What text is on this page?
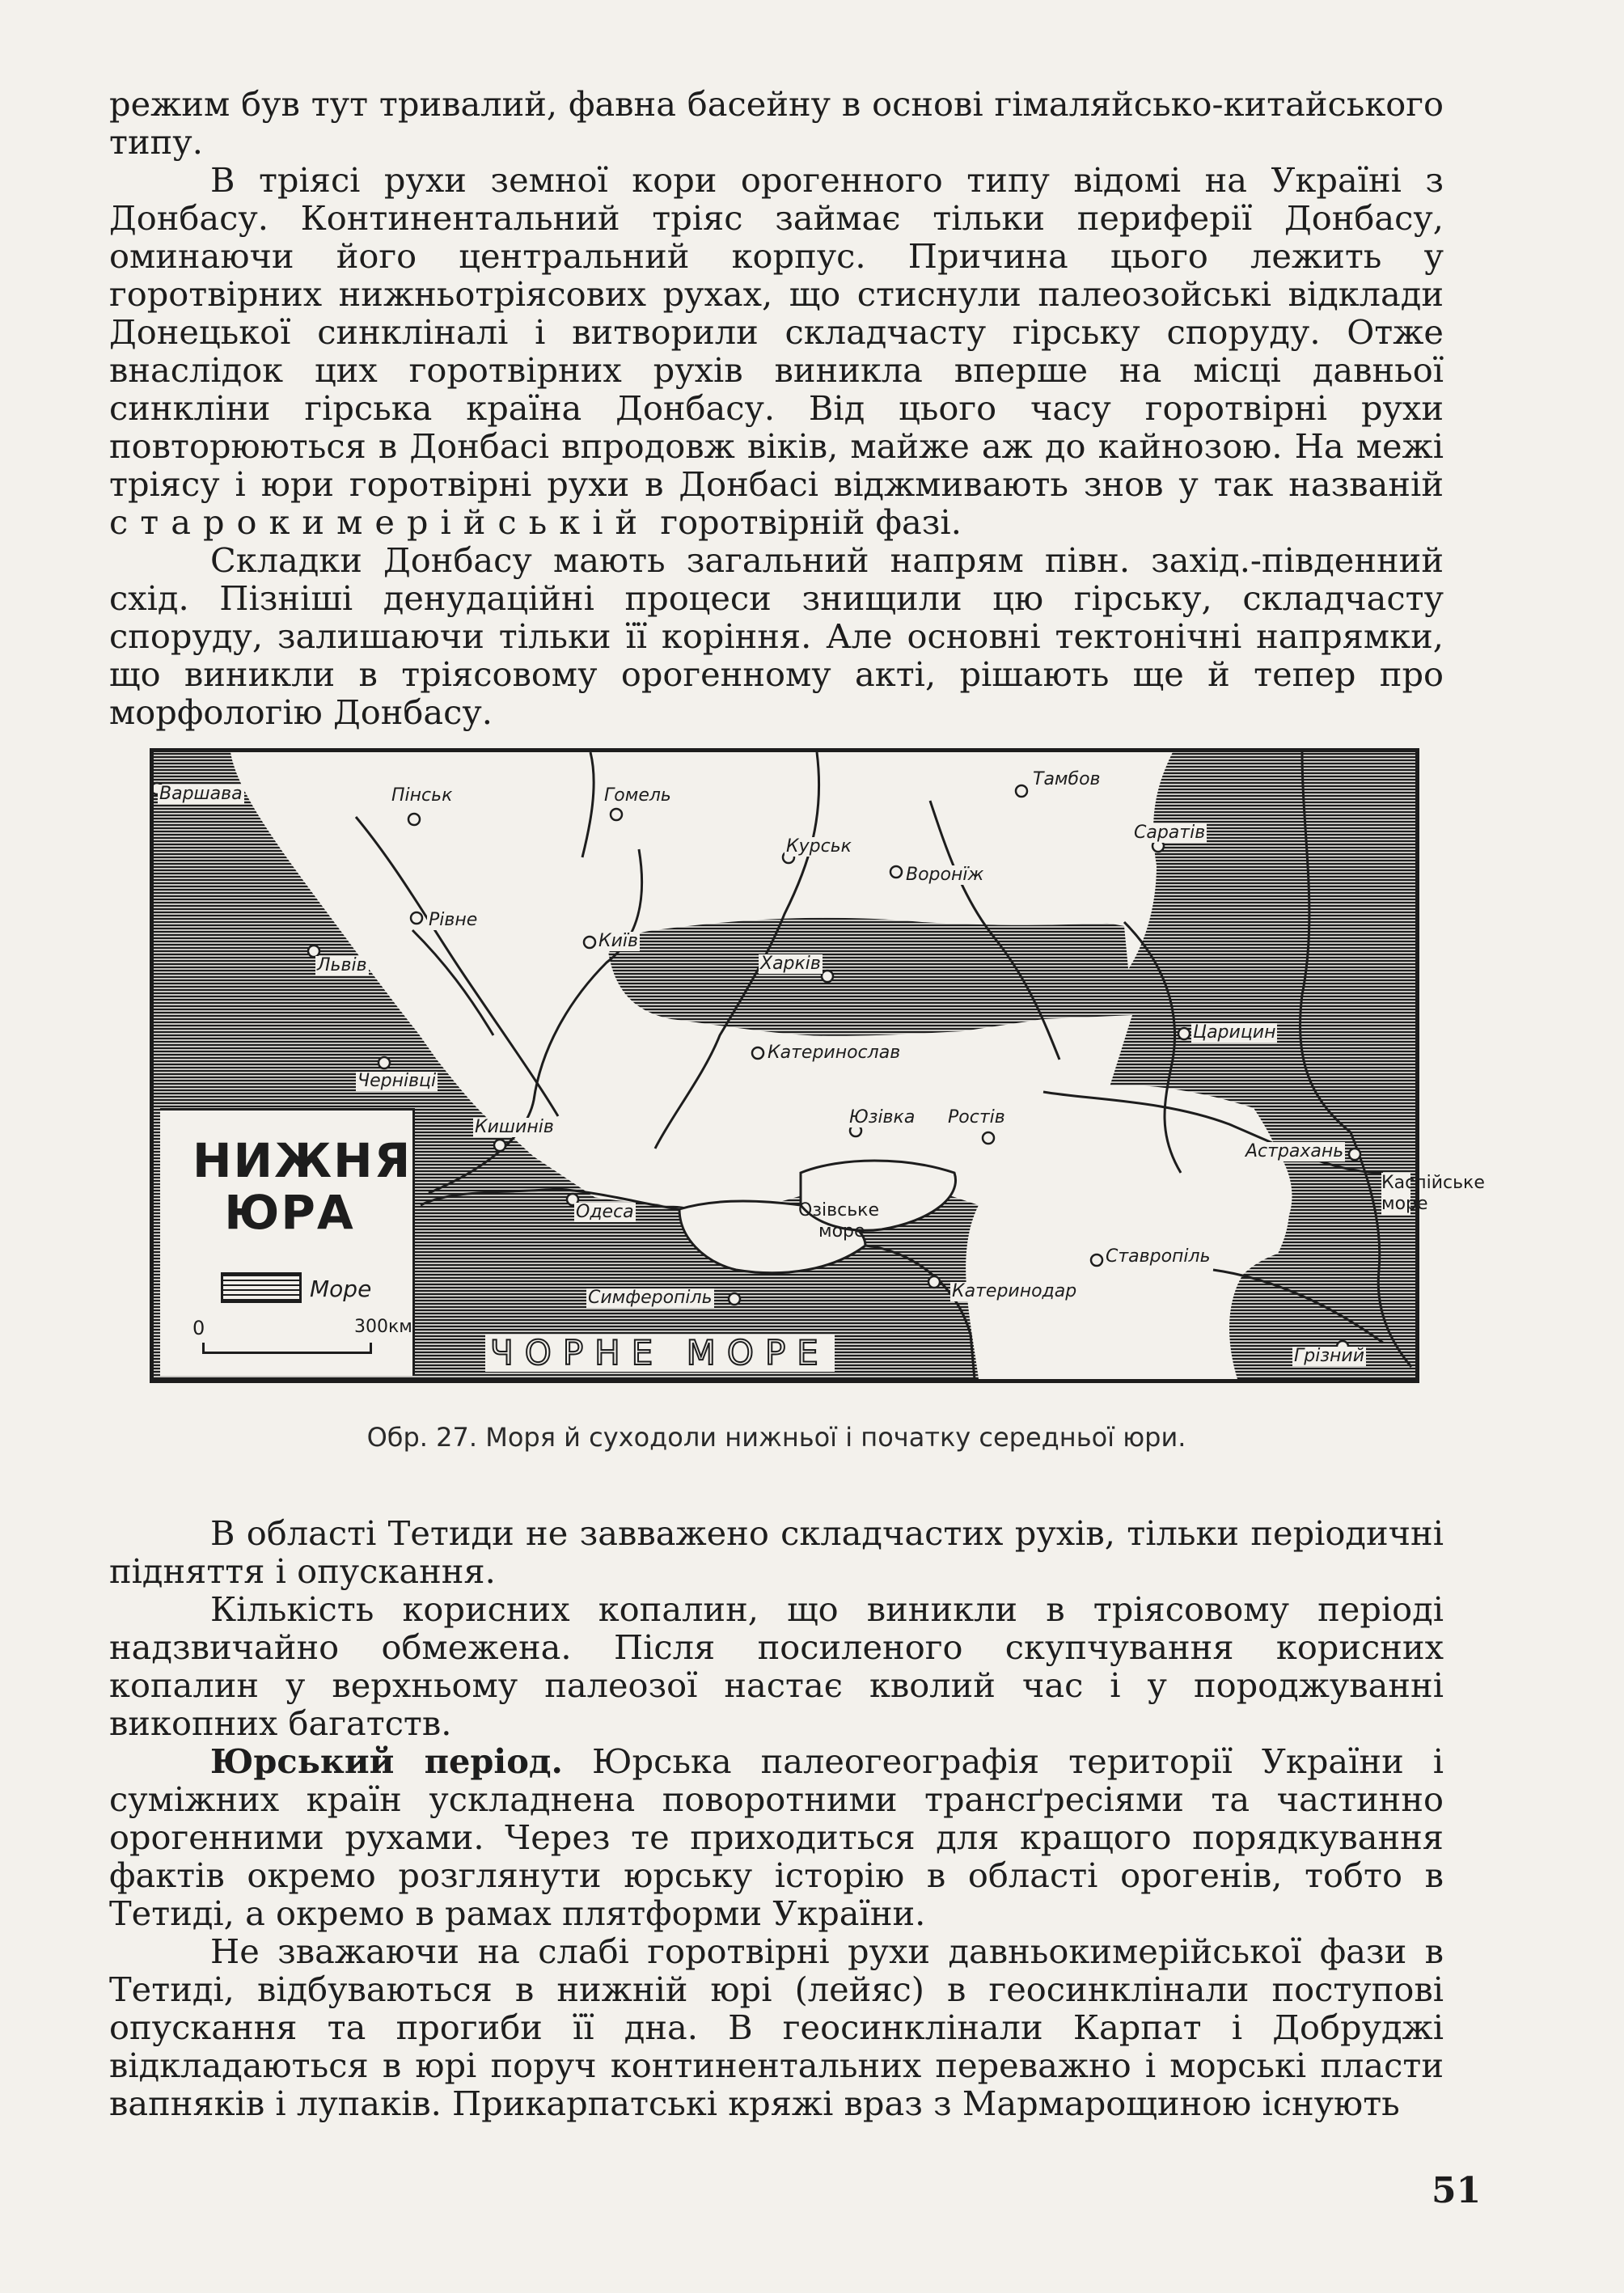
режим був тут тривалий, фавна басейну в основі гімаляйсько-китайського типу.

В тріясі рухи земної кори орогенного типу відомі на Україні з Донбасу. Континентальний тріяс займає тільки периферії Донбасу, оминаючи його центральний корпус. Причина цього лежить у горотвірних нижньотріясових рухах, що стиснули палеозойські відклади Донецької синкліналі і витворили складчасту гірську споруду. Отже внаслідок цих горотвірних рухів виникла вперше на місці давньої синкліни гірська країна Донбасу. Від цього часу горотвірні рухи повторюються в Донбасі впродовж віків, майже аж до кайнозою. На межі тріясу і юри горотвірні рухи в Донбасі віджмивають знов у так названій старокимерійській горотвірній фазі.

Складки Донбасу мають загальний напрям півн. захід.-південний схід. Пізніші денудаційні процеси знищили цю гірську, складчасту споруду, залишаючи тільки її коріння. Але основні тектонічні напрямки, що виникли в тріясовому орогенному акті, рішають ще й тепер про морфологію Донбасу.

Варшава	Пінськ	Гомель
Тамбов
Саратів
Курськ
Воронїж
Рівне
Київ
Львів	Харків
Царицин
Катеринослав
Чернівці
Кишинів	Юзівка Ростів
Астрахань
Одеса	Озівське
море
Ставропіль
Симферопіль	Катеринодар
Грізний
Каспійське море
ЧОРНЕ МОРЕ
НИЖНЯ
ЮРА
Море
0	300км
Обр. 27. Моря й суходоли нижньої і початку середньої юри.

В області Тетиди не завважено складчастих рухів, тільки періодичні підняття і опускання.

Кількість корисних копалин, що виникли в тріясовому періоді надзвичайно обмежена. Після посиленого скупчування корисних копалин у верхньому палеозої настає кволий час і у породжуванні викопних багатств.

Юрський період. Юрська палеогеографія території України і суміжних країн ускладнена поворотними трансґресіями та частинно орогенними рухами. Через те приходиться для кращого порядкування фактів окремо розглянути юрську історію в області орогенів, тобто в Тетиді, а окремо в рамах плятформи України.

Не зважаючи на слабі горотвірні рухи давньокимерійської фази в Тетиді, відбуваються в нижній юрі (лейяс) в геосинклінали поступові опускання та прогиби її дна. В геосинклінали Карпат і Добруджі відкладаються в юрі поруч континентальних переважно і морські пласти вапняків і лупаків. Прикарпатські кряжі враз з Мармарощиною існують

51
